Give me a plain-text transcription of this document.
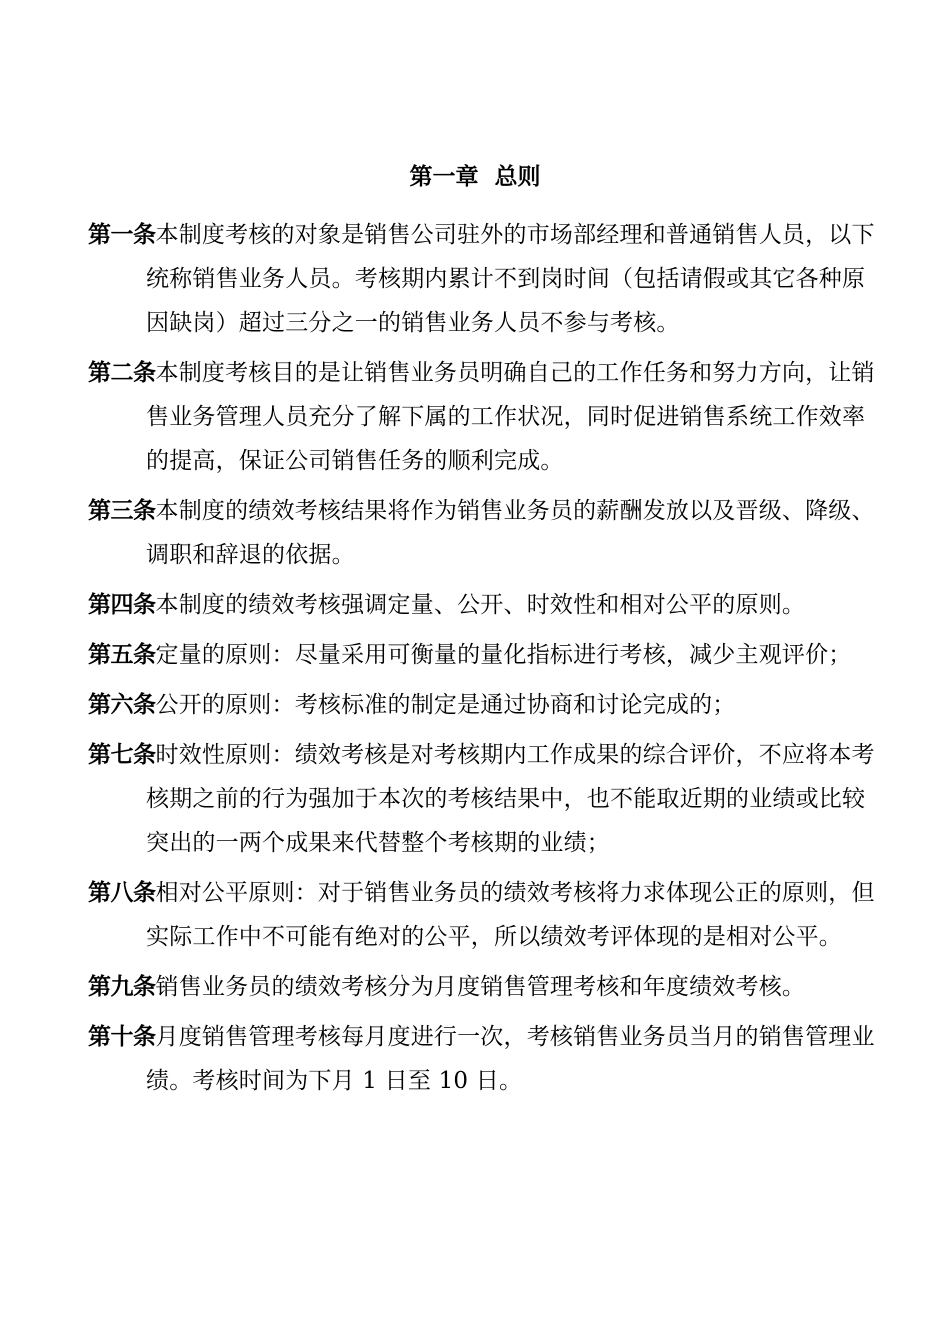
第一章  总则

第一条本制度考核的对象是销售公司驻外的市场部经理和普通销售人员，以下统称销售业务人员。考核期内累计不到岗时间（包括请假或其它各种原因缺岗）超过三分之一的销售业务人员不参与考核。

第二条本制度考核目的是让销售业务员明确自己的工作任务和努力方向，让销售业务管理人员充分了解下属的工作状况，同时促进销售系统工作效率的提高，保证公司销售任务的顺利完成。

第三条本制度的绩效考核结果将作为销售业务员的薪酬发放以及晋级、降级、调职和辞退的依据。

第四条本制度的绩效考核强调定量、公开、时效性和相对公平的原则。

第五条定量的原则：尽量采用可衡量的量化指标进行考核，减少主观评价；

第六条公开的原则：考核标准的制定是通过协商和讨论完成的；

第七条时效性原则：绩效考核是对考核期内工作成果的综合评价，不应将本考核期之前的行为强加于本次的考核结果中，也不能取近期的业绩或比较突出的一两个成果来代替整个考核期的业绩；

第八条相对公平原则：对于销售业务员的绩效考核将力求体现公正的原则，但实际工作中不可能有绝对的公平，所以绩效考评体现的是相对公平。

第九条销售业务员的绩效考核分为月度销售管理考核和年度绩效考核。

第十条月度销售管理考核每月度进行一次，考核销售业务员当月的销售管理业绩。考核时间为下月 1 日至 10 日。
